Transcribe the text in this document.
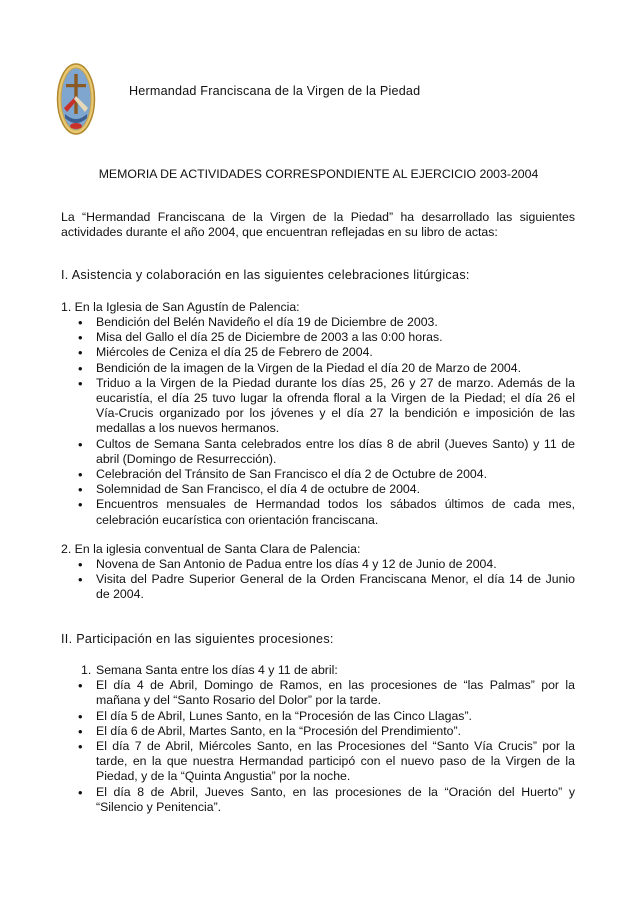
Hermandad Franciscana de la Virgen de la Piedad
MEMORIA DE ACTIVIDADES CORRESPONDIENTE AL EJERCICIO 2003-2004

La “Hermandad Franciscana de la Virgen de la Piedad” ha desarrollado las siguientes actividades durante el año 2004, que encuentran reflejadas en su libro de actas:

I. Asistencia y colaboración en las siguientes celebraciones litúrgicas:

1. En la Iglesia de San Agustín de Palencia:

• Bendición del Belén Navideño el día 19 de Diciembre de 2003.
• Misa del Gallo el día 25 de Diciembre de 2003 a las 0:00 horas.
• Miércoles de Ceniza el día 25 de Febrero de 2004.
• Bendición de la imagen de la Virgen de la Piedad el día 20 de Marzo de 2004.
• Triduo a la Virgen de la Piedad durante los días 25, 26 y 27 de marzo. Además de la eucaristía, el día 25 tuvo lugar la ofrenda floral a la Virgen de la Piedad; el día 26 el Vía-Crucis organizado por los jóvenes y el día 27 la bendición e imposición de las medallas a los nuevos hermanos.
• Cultos de Semana Santa celebrados entre los días 8 de abril (Jueves Santo) y 11 de abril (Domingo de Resurrección).
• Celebración del Tránsito de San Francisco el día 2 de Octubre de 2004.
• Solemnidad de San Francisco, el día 4 de octubre de 2004.
• Encuentros mensuales de Hermandad todos los sábados últimos de cada mes, celebración eucarística con orientación franciscana.

2. En la iglesia conventual de Santa Clara de Palencia:

• Novena de San Antonio de Padua entre los días 4 y 12 de Junio de 2004.
• Visita del Padre Superior General de la Orden Franciscana Menor, el día 14 de Junio de 2004.

II. Participación en las siguientes procesiones:

1. Semana Santa entre los días 4 y 11 de abril:
• El día 4 de Abril, Domingo de Ramos, en las procesiones de “las Palmas” por la mañana y del “Santo Rosario del Dolor” por la tarde.
• El día 5 de Abril, Lunes Santo, en la “Procesión de las Cinco Llagas”.
• El día 6 de Abril, Martes Santo, en la “Procesión del Prendimiento”.
• El día 7 de Abril, Miércoles Santo, en las Procesiones del “Santo Vía Crucis” por la tarde, en la que nuestra Hermandad participó con el nuevo paso de la Virgen de la Piedad, y de la “Quinta Angustia” por la noche.
• El día 8 de Abril, Jueves Santo, en las procesiones de la “Oración del Huerto” y “Silencio y Penitencia”.
